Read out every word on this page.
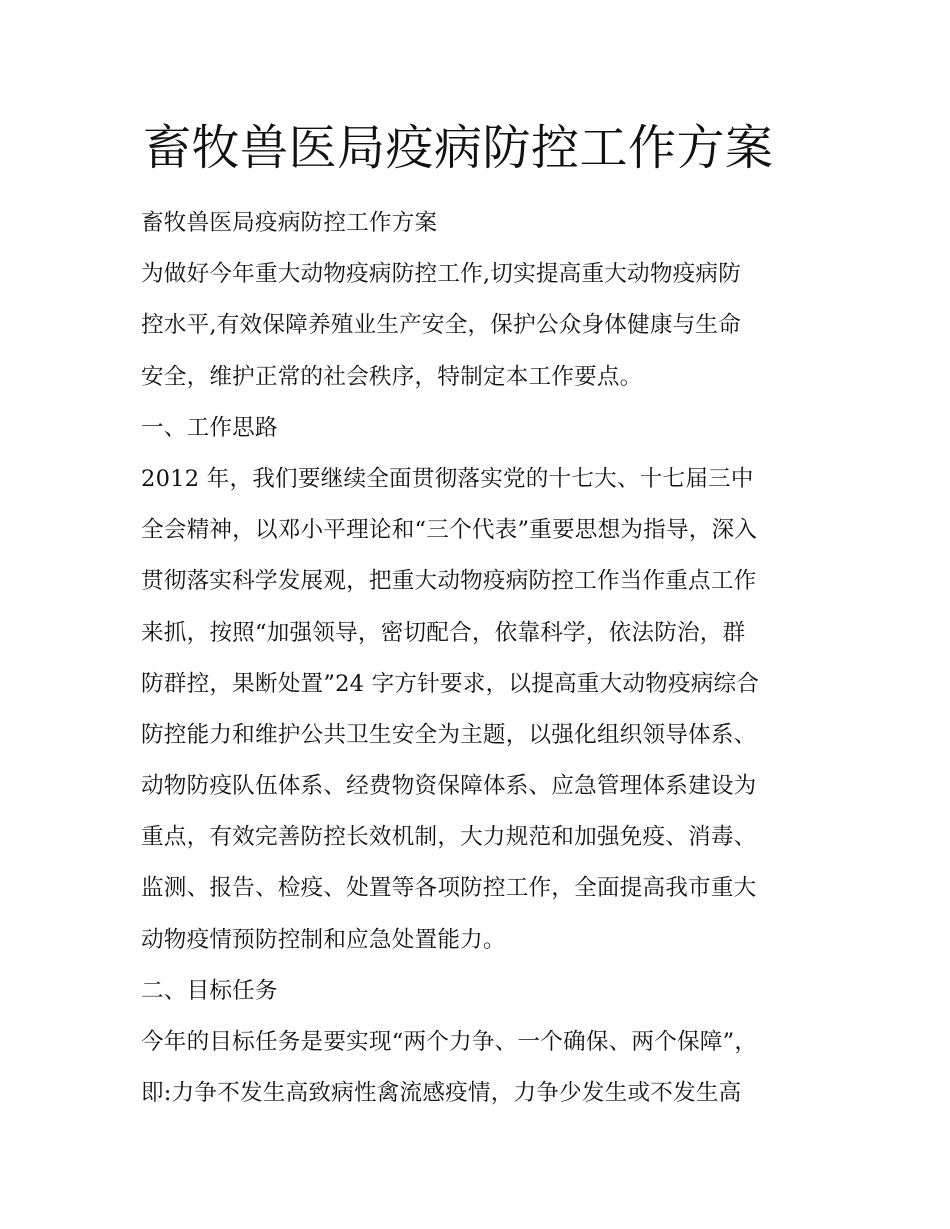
畜牧兽医局疫病防控工作方案

畜牧兽医局疫病防控工作方案

为做好今年重大动物疫病防控工作,切实提高重大动物疫病防

控水平,有效保障养殖业生产安全，保护公众身体健康与生命

安全，维护正常的社会秩序，特制定本工作要点。

一、工作思路

2012 年，我们要继续全面贯彻落实党的十七大、十七届三中

全会精神，以邓小平理论和“三个代表”重要思想为指导，深入

贯彻落实科学发展观，把重大动物疫病防控工作当作重点工作

来抓，按照“加强领导，密切配合，依靠科学，依法防治，群

防群控，果断处置”24 字方针要求，以提高重大动物疫病综合

防控能力和维护公共卫生安全为主题，以强化组织领导体系、

动物防疫队伍体系、经费物资保障体系、应急管理体系建设为

重点，有效完善防控长效机制，大力规范和加强免疫、消毒、

监测、报告、检疫、处置等各项防控工作，全面提高我市重大

动物疫情预防控制和应急处置能力。

二、目标任务

今年的目标任务是要实现“两个力争、一个确保、两个保障”，

即:力争不发生高致病性禽流感疫情，力争少发生或不发生高
